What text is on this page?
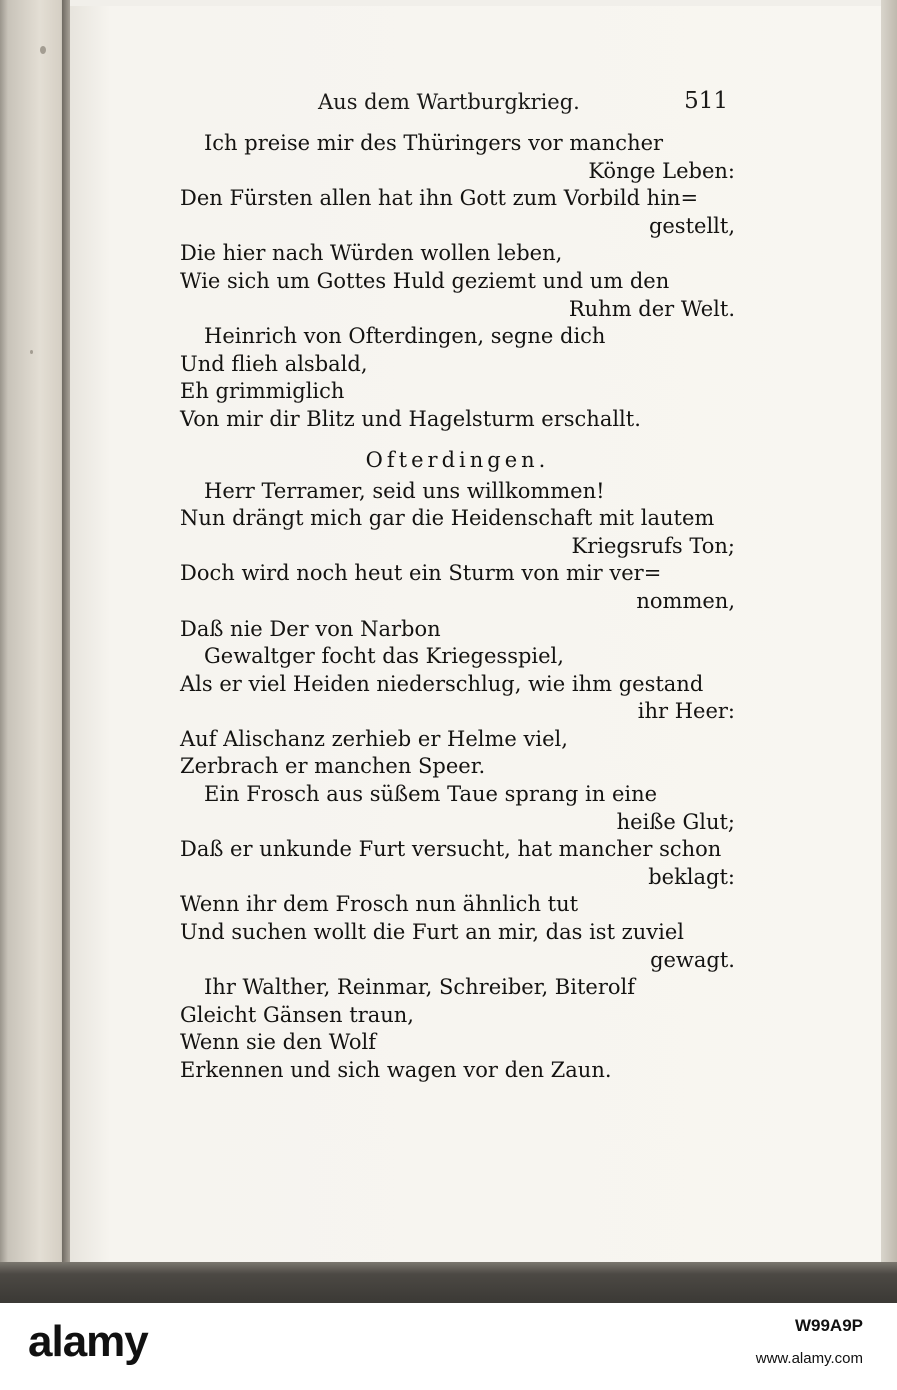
Aus dem Wartburgkrieg.	511
Ich preise mir des Thüringers vor mancher
Könge Leben:
Den Fürsten allen hat ihn Gott zum Vorbild hin=
gestellt,
Die hier nach Würden wollen leben,
Wie sich um Gottes Huld geziemt und um den
Ruhm der Welt.
Heinrich von Ofterdingen, segne dich
Und flieh alsbald,
Eh grimmiglich
Von mir dir Blitz und Hagelsturm erschallt.
Ofterdingen.
Herr Terramer, seid uns willkommen!
Nun drängt mich gar die Heidenschaft mit lautem
Kriegsrufs Ton;
Doch wird noch heut ein Sturm von mir ver=
nommen,
Daß nie Der von Narbon
Gewaltger focht das Kriegesspiel,
Als er viel Heiden niederschlug, wie ihm gestand
ihr Heer:
Auf Alischanz zerhieb er Helme viel,
Zerbrach er manchen Speer.
Ein Frosch aus süßem Taue sprang in eine
heiße Glut;
Daß er unkunde Furt versucht, hat mancher schon
beklagt:
Wenn ihr dem Frosch nun ähnlich tut
Und suchen wollt die Furt an mir, das ist zuviel
gewagt.
Ihr Walther, Reinmar, Schreiber, Biterolf
Gleicht Gänsen traun,
Wenn sie den Wolf
Erkennen und sich wagen vor den Zaun.
alamy	W99A9P
www.alamy.com
